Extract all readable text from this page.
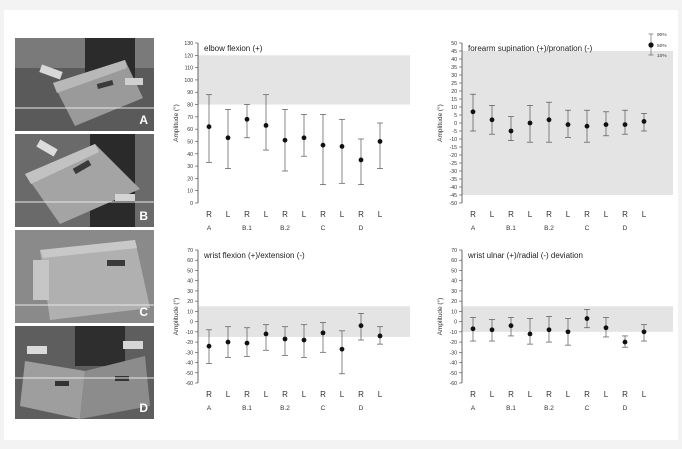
A
B
C
D
0
10
20
30
40
50
60
70
80
90
100
110
120
130
Amplitude (°)
elbow flexion (+)
R L R L R L R L R L
A	B.1	B.2	C	D
-50
-45
-40
-35
-30
-25
-20
-15
-10
-5
0
5
10
15
20
25
30
35
40
45
50
Amplitude (°)
forearm supination (+)/pronation (-)
R L R L R L R L R L
A	B.1	B.2	C	D
90%
50%
10%
-60
-50
-40
-30
-20
-10
0
10
20
30
40
50
60
70
Amplitude (°)
wrist flexion (+)/extension (-)
R L R L R L R L R L
A	B.1	B.2	C	D
-60
-50
-40
-30
-20
-10
0
10
20
30
40
50
60
70
Amplitude (°)
wrist ulnar (+)/radial (-) deviation
R L R L R L R L R L
A	B.1	B.2	C	D
